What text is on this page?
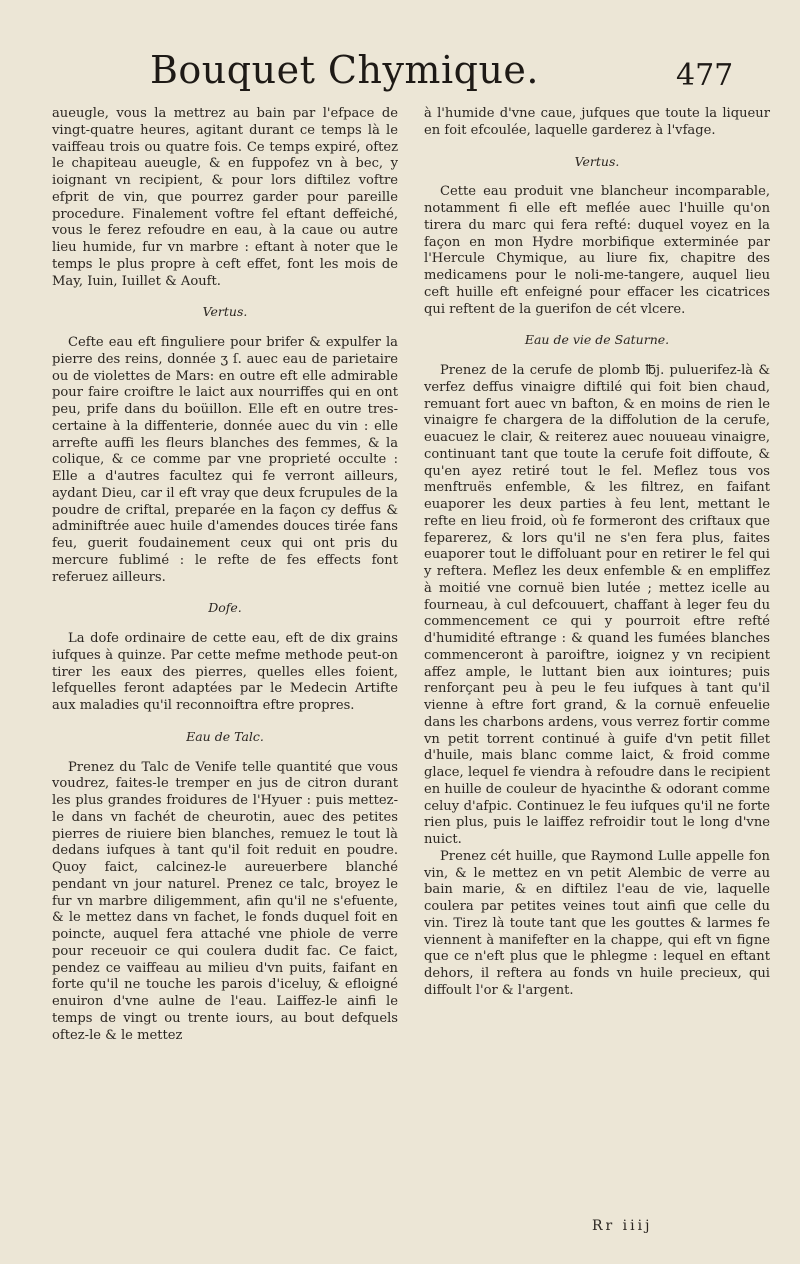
Bouquet Chymique.	477

aueugle, vous la mettrez au bain par l'efpace de vingt-quatre heures, agitant durant ce temps là le vaiffeau trois ou quatre fois. Ce temps expiré, oftez le chapiteau aueugle, & en fuppofez vn à bec, y ioignant vn recipient, & pour lors diftilez voftre efprit de vin, que pourrez garder pour pareille procedure. Finalement voftre fel eftant deffeiché, vous le ferez refoudre en eau, à la caue ou autre lieu humide, fur vn marbre : eftant à noter que le temps le plus propre à ceft effet, font les mois de May, Iuin, Iuillet & Aouft.

Vertus.

Cefte eau eft finguliere pour brifer & expulfer la pierre des reins, donnée ʒ ſ. auec eau de parietaire ou de violettes de Mars: en outre eft elle admirable pour faire croiftre le laict aux nourriffes qui en ont peu, prife dans du boüillon. Elle eft en outre tres-certaine à la diffenterie, donnée auec du vin : elle arrefte auffi les fleurs blanches des femmes, & la colique, & ce comme par vne proprieté occulte : Elle a d'autres facultez qui fe verront ailleurs, aydant Dieu, car il eft vray que deux fcrupules de la poudre de criftal, preparée en la façon cy deffus & adminiftrée auec huile d'amendes douces tirée fans feu, guerit foudainement ceux qui ont pris du mercure fublimé : le refte de fes effects font referuez ailleurs.

Dofe.

La dofe ordinaire de cette eau, eft de dix grains iufques à quinze. Par cette mefme methode peut-on tirer les eaux des pierres, quelles elles foient, lefquelles feront adaptées par le Medecin Artifte aux maladies qu'il reconnoiftra eftre propres.

Eau de Talc.

Prenez du Talc de Venife telle quantité que vous voudrez, faites-le tremper en jus de citron durant les plus grandes froidures de l'Hyuer : puis mettez-le dans vn fachét de cheurotin, auec des petites pierres de riuiere bien blanches, remuez le tout là dedans iufques à tant qu'il foit reduit en poudre. Quoy faict, calcinez-le aureuerbere blanché pendant vn jour naturel. Prenez ce talc, broyez le fur vn marbre diligemment, afin qu'il ne s'efuente, & le mettez dans vn fachet, le fonds duquel foit en poincte, auquel fera attaché vne phiole de verre pour receuoir ce qui coulera dudit fac. Ce faict, pendez ce vaiffeau au milieu d'vn puits, faifant en forte qu'il ne touche les parois d'iceluy, & efloigné enuiron d'vne aulne de l'eau. Laiffez-le ainfi le temps de vingt ou trente iours, au bout defquels oftez-le & le mettez

à l'humide d'vne caue, jufques que toute la liqueur en foit efcoulée, laquelle garderez à l'vfage.

Vertus.

Cette eau produit vne blancheur incomparable, notamment fi elle eft meflée auec l'huille qu'on tirera du marc qui fera refté: duquel voyez en la façon en mon Hydre morbifique exterminée par l'Hercule Chymique, au liure fix, chapitre des medicamens pour le noli-me-tangere, auquel lieu ceft huille eft enfeigné pour effacer les cicatrices qui reftent de la guerifon de cét vlcere.

Eau de vie de Saturne.

Prenez de la cerufe de plomb ℔j. puluerifez-là & verfez deffus vinaigre diftilé qui foit bien chaud, remuant fort auec vn bafton, & en moins de rien le vinaigre fe chargera de la diffolution de la cerufe, euacuez le clair, & reiterez auec nouueau vinaigre, continuant tant que toute la cerufe foit diffoute, & qu'en ayez retiré tout le fel. Meflez tous vos menftruës enfemble, & les filtrez, en faifant euaporer les deux parties à feu lent, mettant le refte en lieu froid, où fe formeront des criftaux que feparerez, & lors qu'il ne s'en fera plus, faites euaporer tout le diffoluant pour en retirer le fel qui y reftera. Meflez les deux enfemble & en empliffez à moitié vne cornuë bien lutée ; mettez icelle au fourneau, à cul defcouuert, chaffant à leger feu du commencement ce qui y pourroit eftre refté d'humidité eftrange : & quand les fumées blanches commenceront à paroiftre, ioignez y vn recipient affez ample, le luttant bien aux iointures; puis renforçant peu à peu le feu iufques à tant qu'il vienne à eftre fort grand, & la cornuë enfeuelie dans les charbons ardens, vous verrez fortir comme vn petit torrent continué à guife d'vn petit fillet d'huile, mais blanc comme laict, & froid comme glace, lequel fe viendra à refoudre dans le recipient en huille de couleur de hyacinthe & odorant comme celuy d'afpic. Continuez le feu iufques qu'il ne forte rien plus, puis le laiffez refroidir tout le long d'vne nuict.

Prenez cét huille, que Raymond Lulle appelle fon vin, & le mettez en vn petit Alembic de verre au bain marie, & en diftilez l'eau de vie, laquelle coulera par petites veines tout ainfi que celle du vin. Tirez là toute tant que les gouttes & larmes fe viennent à manifefter en la chappe, qui eft vn figne que ce n'eft plus que le phlegme : lequel en eftant dehors, il reftera au fonds vn huile precieux, qui diffoult l'or & l'argent.

Rr iiij
